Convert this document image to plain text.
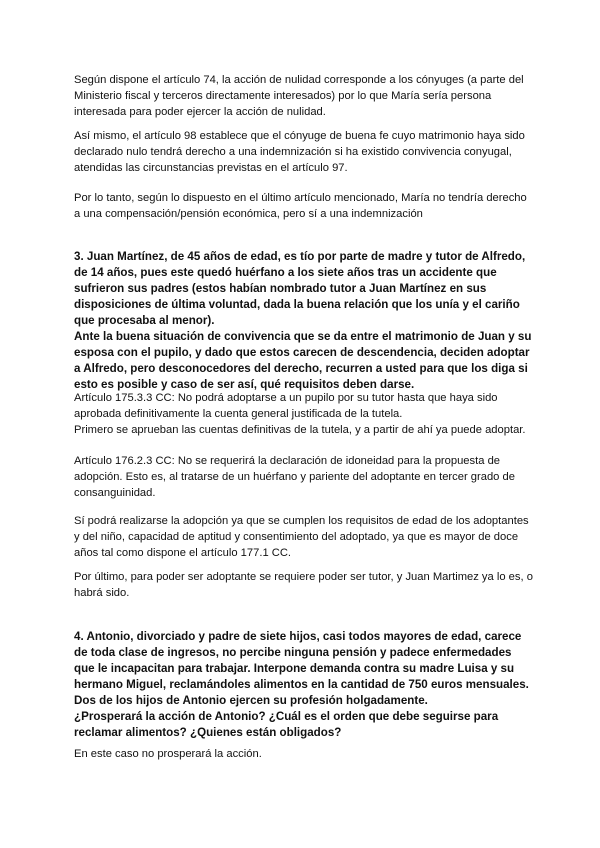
Según dispone el artículo 74, la acción de nulidad corresponde a los cónyuges (a parte del Ministerio fiscal y terceros directamente interesados) por lo que María sería persona interesada para poder ejercer la acción de nulidad.

Así mismo, el artículo 98 establece que el cónyuge de buena fe cuyo matrimonio haya sido declarado nulo tendrá derecho a una indemnización si ha existido convivencia conyugal, atendidas las circunstancias previstas en el artículo 97.

Por lo tanto, según lo dispuesto en el último artículo mencionado, María no tendría derecho a una compensación/pensión económica, pero sí a una indemnización

3. Juan Martínez, de 45 años de edad, es tío por parte de madre y tutor de Alfredo, de 14 años, pues este quedó huérfano a los siete años tras un accidente que sufrieron sus padres (estos habían nombrado tutor a Juan Martínez en sus disposiciones de última voluntad, dada la buena relación que los unía y el cariño que procesaba al menor).

Ante la buena situación de convivencia que se da entre el matrimonio de Juan y su esposa con el pupilo, y dado que estos carecen de descendencia, deciden adoptar a Alfredo, pero desconocedores del derecho, recurren a usted para que los diga si esto es posible y caso de ser así, qué requisitos deben darse.

Artículo 175.3.3 CC: No podrá adoptarse a un pupilo por su tutor hasta que haya sido aprobada definitivamente la cuenta general justificada de la tutela.

Primero se aprueban las cuentas definitivas de la tutela, y a partir de ahí ya puede adoptar.

Artículo 176.2.3 CC: No se requerirá la declaración de idoneidad para la propuesta de adopción. Esto es, al tratarse de un huérfano y pariente del adoptante en tercer grado de consanguinidad.

Sí podrá realizarse la adopción ya que se cumplen los requisitos de edad de los adoptantes y del niño, capacidad de aptitud y consentimiento del adoptado, ya que es mayor de doce años tal como dispone el artículo 177.1 CC.

Por último, para poder ser adoptante se requiere poder ser tutor, y Juan Martimez ya lo es, o habrá sido.

4. Antonio, divorciado y padre de siete hijos, casi todos mayores de edad, carece de toda clase de ingresos, no percibe ninguna pensión y padece enfermedades que le incapacitan para trabajar. Interpone demanda contra su madre Luisa y su hermano Miguel, reclamándoles alimentos en la cantidad de 750 euros mensuales. Dos de los hijos de Antonio ejercen su profesión holgadamente.

¿Prosperará la acción de Antonio? ¿Cuál es el orden que debe seguirse para reclamar alimentos? ¿Quienes están obligados?

En este caso no prosperará la acción.
